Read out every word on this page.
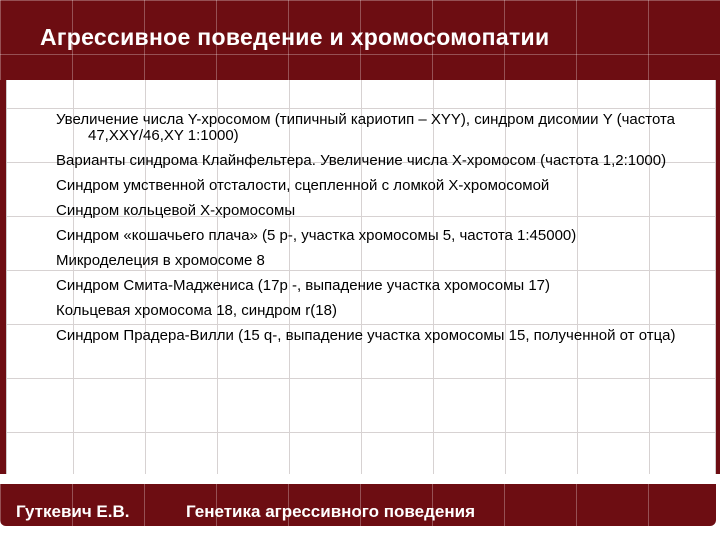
Агрессивное поведение и хромосомопатии
Увеличение числа Y-хросомом (типичный кариотип – XYY), синдром дисомии Y (частота 47,XXY/46,XY 1:1000)
Варианты синдрома Клайнфельтера. Увеличение числа X-хромосом (частота 1,2:1000)
Синдром умственной отсталости, сцепленной с ломкой X-хромосомой
Синдром кольцевой X-хромосомы
Синдром «кошачьего плача» (5 p-, участка хромосомы 5, частота 1:45000)
Микроделеция в хромосоме 8
Синдром Смита-Маджениса (17p -, выпадение участка хромосомы 17)
Кольцевая хромосома 18, синдром r(18)
Синдром Прадера-Вилли (15 q-, выпадение участка хромосомы 15, полученной от отца)
Гуткевич Е.В.	Генетика агрессивного поведения
